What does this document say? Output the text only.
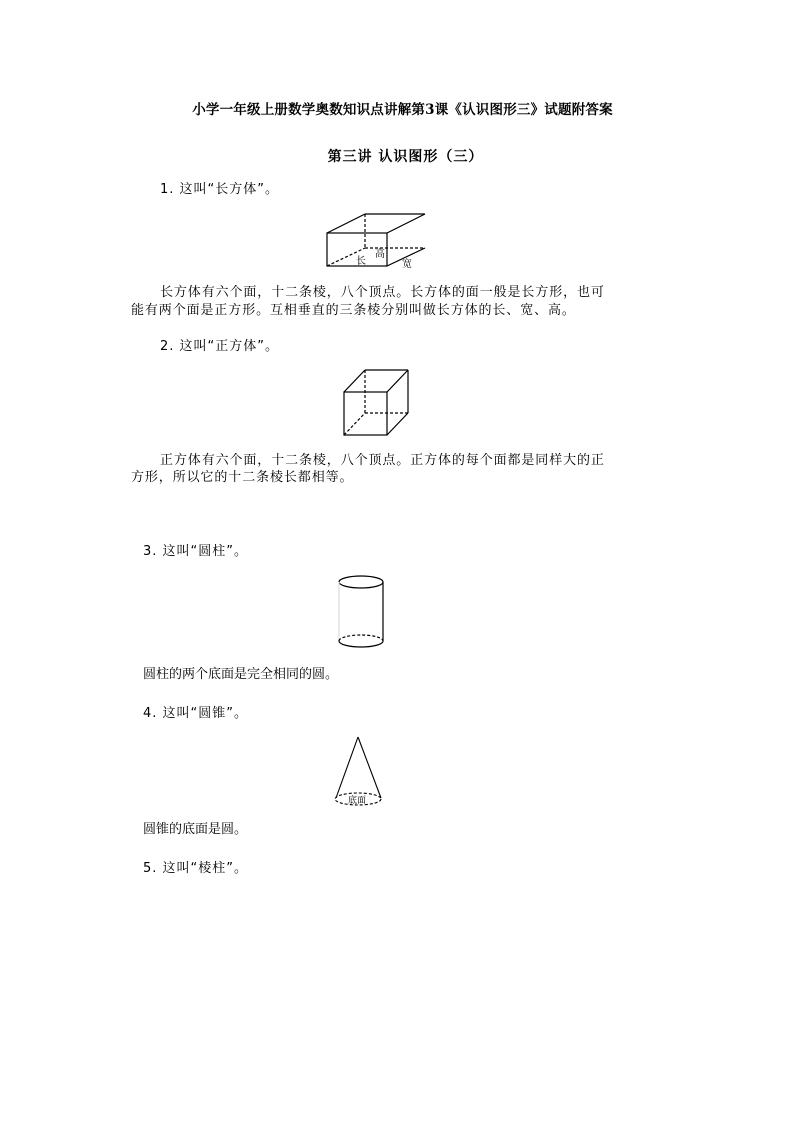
小学一年级上册数学奥数知识点讲解第3课《认识图形三》试题附答案
第三讲 认识图形（三）
1. 这叫“长方体”。
长
高
宽
长方体有六个面，十二条棱，八个顶点。长方体的面一般是长方形，也可
能有两个面是正方形。互相垂直的三条棱分别叫做长方体的长、宽、高。
2. 这叫“正方体”。
正方体有六个面，十二条棱，八个顶点。正方体的每个面都是同样大的正
方形，所以它的十二条棱长都相等。
3. 这叫“圆柱”。
圆柱的两个底面是完全相同的圆。
4. 这叫“圆锥”。
底面
圆锥的底面是圆。
5. 这叫“棱柱”。
